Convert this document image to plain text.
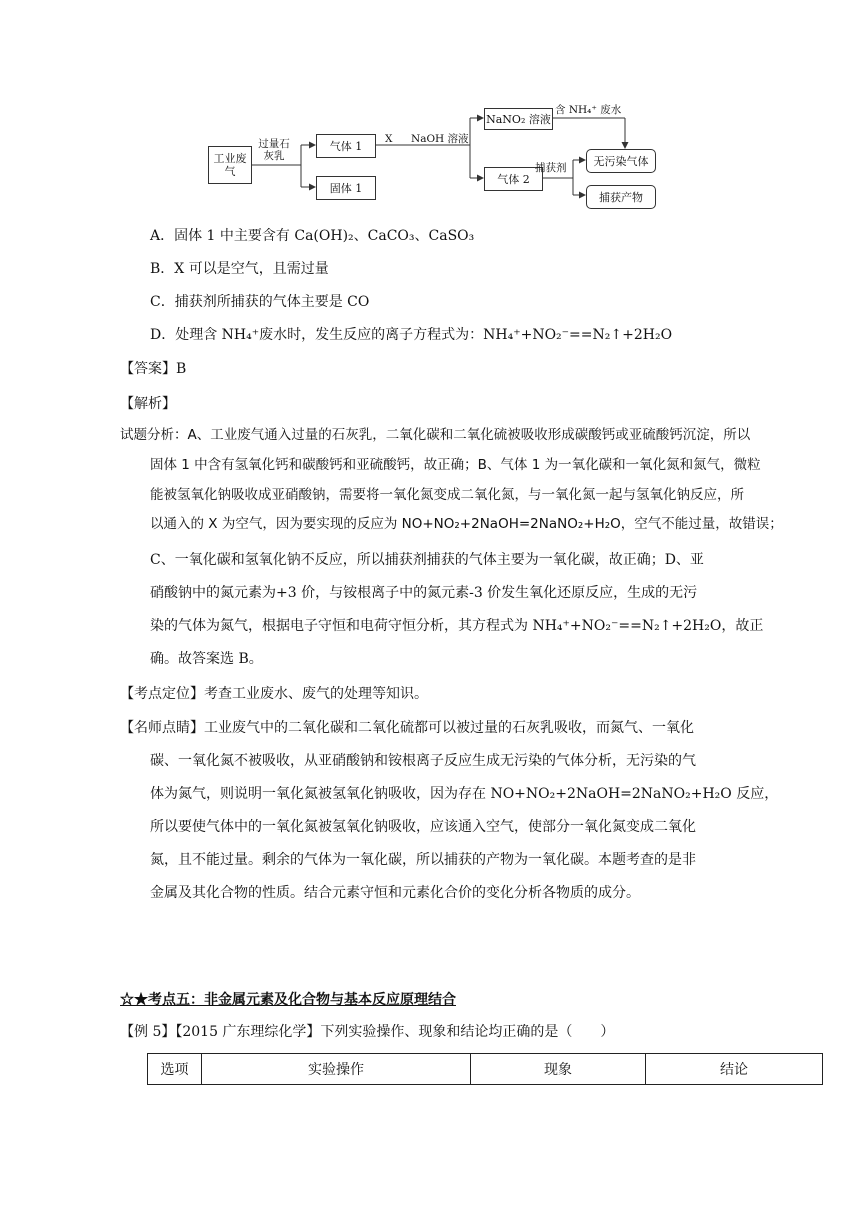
工业废气
过量石灰乳
气体 1
固体 1
X NaOH 溶液
NaNO₂ 溶液
含 NH₄⁺ 废水
气体 2
捕获剂
无污染气体
捕获产物
A．固体 1 中主要含有 Ca(OH)₂、CaCO₃、CaSO₃
B．X 可以是空气，且需过量
C．捕获剂所捕获的气体主要是 CO
D．处理含 NH₄⁺废水时，发生反应的离子方程式为：NH₄⁺+NO₂⁻==N₂↑+2H₂O
【答案】B
【解析】
试题分析：A、工业废气通入过量的石灰乳，二氧化碳和二氧化硫被吸收形成碳酸钙或亚硫酸钙沉淀，所以
固体 1 中含有氢氧化钙和碳酸钙和亚硫酸钙，故正确；B、气体 1 为一氧化碳和一氧化氮和氮气，微粒
能被氢氧化钠吸收成亚硝酸钠，需要将一氧化氮变成二氧化氮，与一氧化氮一起与氢氧化钠反应，所
以通入的 X 为空气，因为要实现的反应为 NO+NO₂+2NaOH=2NaNO₂+H₂O，空气不能过量，故错误；
C、一氧化碳和氢氧化钠不反应，所以捕获剂捕获的气体主要为一氧化碳，故正确；D、亚
硝酸钠中的氮元素为+3 价，与铵根离子中的氮元素-3 价发生氧化还原反应，生成的无污
染的气体为氮气，根据电子守恒和电荷守恒分析，其方程式为 NH₄⁺+NO₂⁻==N₂↑+2H₂O，故正
确。故答案选 B。
【考点定位】考查工业废水、废气的处理等知识。
【名师点睛】工业废气中的二氧化碳和二氧化硫都可以被过量的石灰乳吸收，而氮气、一氧化
碳、一氧化氮不被吸收，从亚硝酸钠和铵根离子反应生成无污染的气体分析，无污染的气
体为氮气，则说明一氧化氮被氢氧化钠吸收，因为存在 NO+NO₂+2NaOH=2NaNO₂+H₂O 反应，
所以要使气体中的一氧化氮被氢氧化钠吸收，应该通入空气，使部分一氧化氮变成二氧化
氮，且不能过量。剩余的气体为一氧化碳，所以捕获的产物为一氧化碳。本题考查的是非
金属及其化合物的性质。结合元素守恒和元素化合价的变化分析各物质的成分。
☆★考点五：非金属元素及化合物与基本反应原理结合
【例 5】【2015 广东理综化学】下列实验操作、现象和结论均正确的是（　　）
选项	实验操作	现象	结论
